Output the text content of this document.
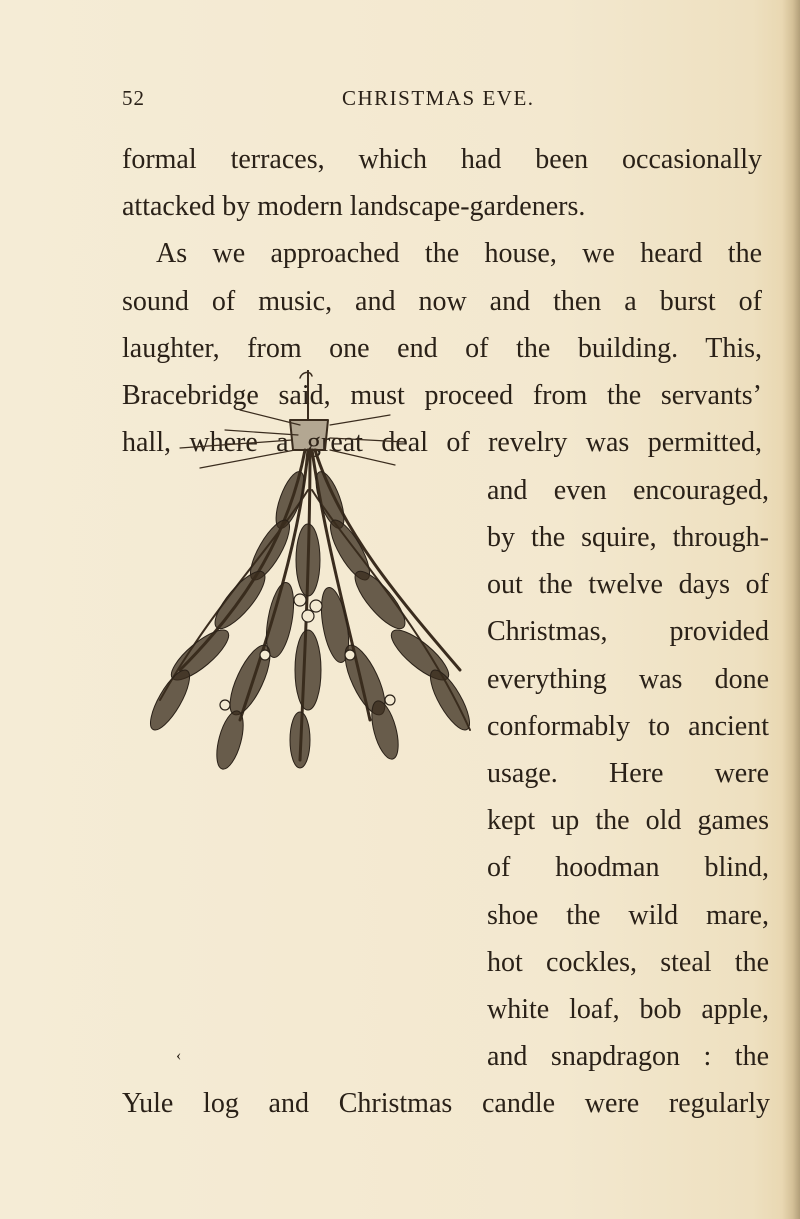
52	CHRISTMAS EVE.
formal terraces, which had been occasionally
attacked by modern landscape-gardeners.
As we approached the house, we heard the
sound of music, and now and then a burst of
laughter, from one end of the building. This,
Bracebridge said, must proceed from the servants’
hall, where a great deal of revelry was permitted,
and even encouraged,
by the squire, through-
out the twelve days of
Christmas, provided
everything was done
conformably to ancient
usage. Here were
kept up the old games
of hoodman blind,
shoe the wild mare,
hot cockles, steal the
white loaf, bob apple,
and snapdragon : the
Yule log and Christmas candle were regularly
‹
